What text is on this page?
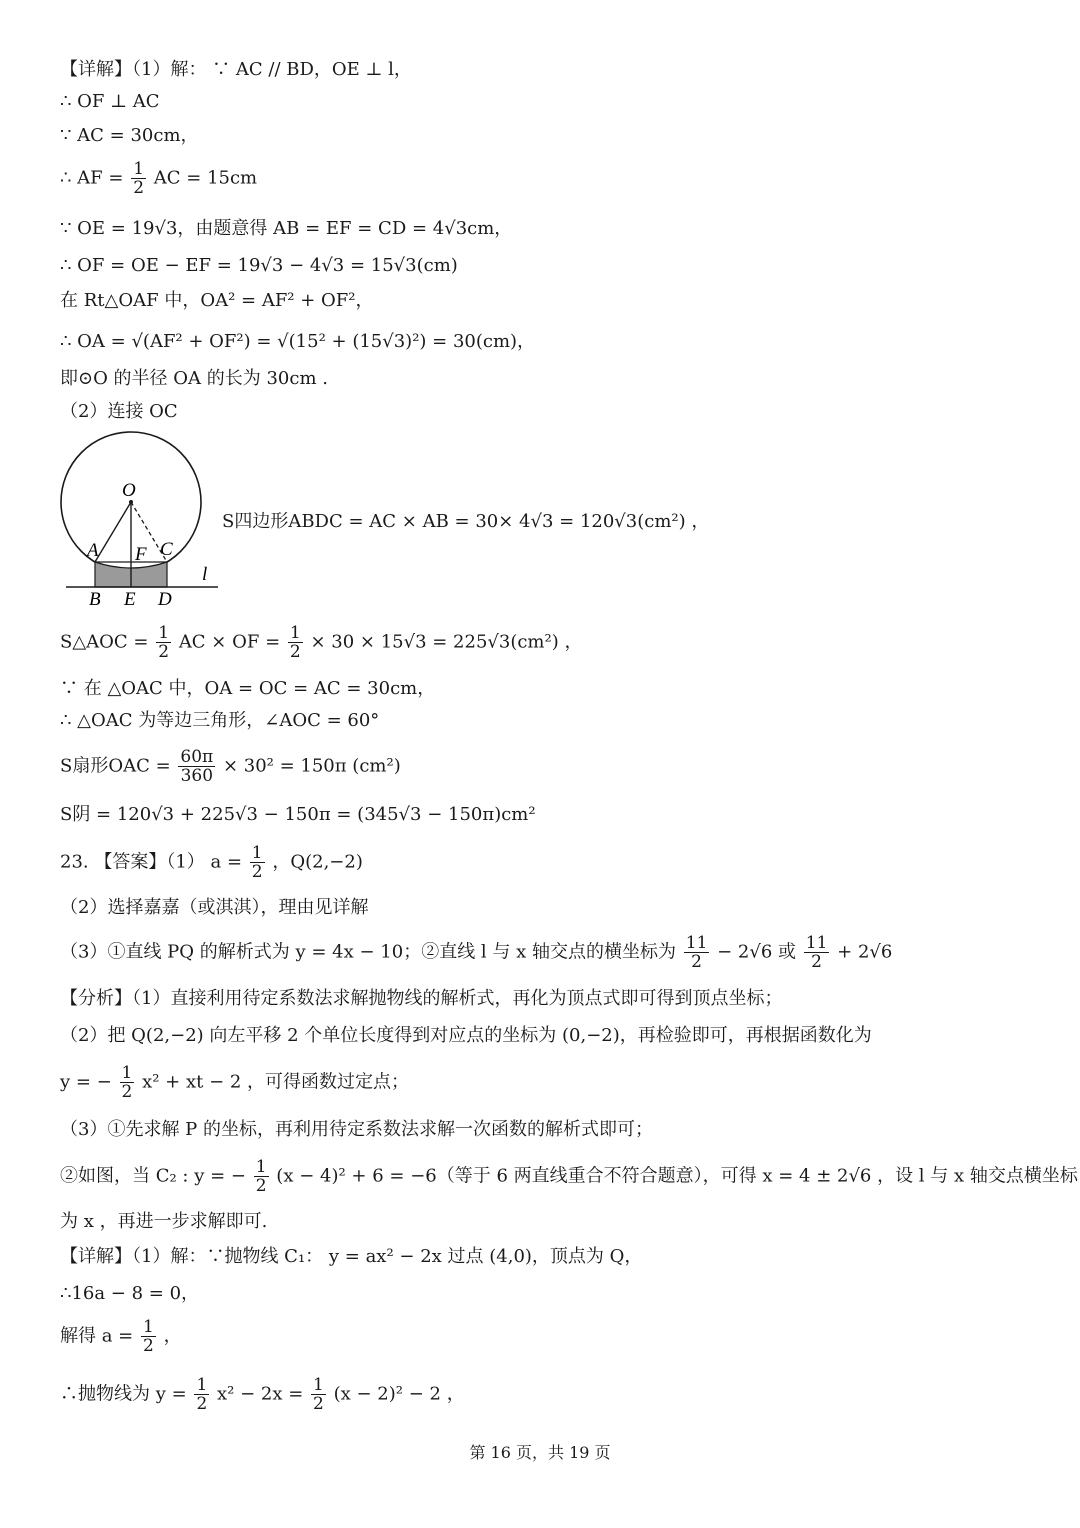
【详解】（1）解： ∵ AC // BD，OE ⊥ l，
∴ OF ⊥ AC
∵ AC = 30cm，
∴ AF = $\frac{1}{2}$ AC = 15cm
∵ OE = 19√3，由题意得 AB = EF = CD = 4√3cm，
∴ OF = OE − EF = 19√3 − 4√3 = 15√3(cm)
在 Rt△OAF 中，OA² = AF² + OF²，
∴ OA = √(AF² + OF²) = √(15² + (15√3)²) = 30(cm)，
即⊙O 的半径 OA 的长为 30cm .
（2）连接 OC
O
A F C
l
B E D
S四边形ABDC = AC × AB = 30× 4√3 = 120√3(cm²) ，
S△AOC = $\frac{1}{2}$ AC × OF = $\frac{1}{2} \times 30 \times 15√3 = 225√3(cm^2)$ ，
∵ 在 △OAC 中，OA = OC = AC = 30cm，
∴ △OAC 为等边三角形，∠AOC = 60°
S扇形OAC = $\frac{60\pi}{360} \times 30^2 = 150\pi$ (cm²)
S阴 = 120√3 + 225√3 − 150π = (345√3 − 150π)cm²
23. 【答案】（1） $a = \frac{1}{2}$ ，Q(2,−2)
（2）选择嘉嘉（或淇淇），理由见详解
（3）①直线 PQ 的解析式为 y = 4x − 10；②直线 l 与 x 轴交点的横坐标为 $\frac{11}{2} - 2√6$ 或 $\frac{11}{2} + 2√6$
【分析】（1）直接利用待定系数法求解抛物线的解析式，再化为顶点式即可得到顶点坐标；
（2）把 Q(2,−2) 向左平移 2 个单位长度得到对应点的坐标为 (0,−2)，再检验即可，再根据函数化为
y = − $\frac{1}{2} x^2$ + xt − 2 ，可得函数过定点；
（3）①先求解 P 的坐标，再利用待定系数法求解一次函数的解析式即可；
②如图，当 C₂ : y = − $\frac{1}{2} (x - 4)^2 + 6 = -6$（等于 6 两直线重合不符合题意），可得 x = 4 ± 2√6 ，设 l 与 x 轴交点横坐标
为 x ，再进一步求解即可.
【详解】（1）解：∵抛物线 C₁： y = ax² − 2x 过点 (4,0)，顶点为 Q，
∴16a − 8 = 0，
解得 $a = \frac{1}{2}$ ，
∴抛物线为 $y = \frac{1}{2} x^2 - 2x = \frac{1}{2} (x - 2)^2 - 2$ ，
第 16 页，共 19 页
